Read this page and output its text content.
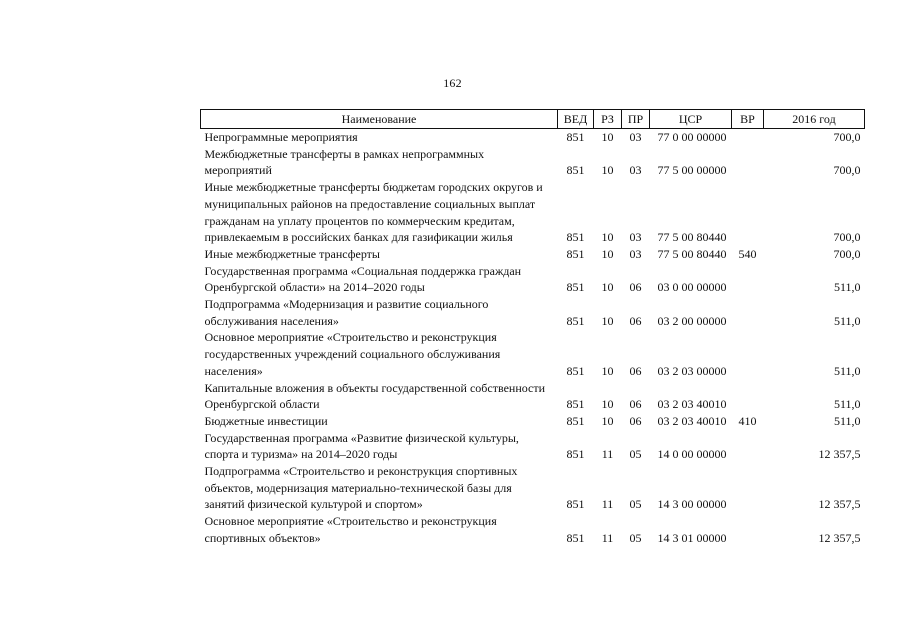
162
Наименование	ВЕД	РЗ	ПР	ЦСР	ВР	2016 год
Непрограммные мероприятия	851	10	03	77 0 00 00000		700,0
Межбюджетные трансферты в рамках непрограммных мероприятий	851	10	03	77 5 00 00000		700,0
Иные межбюджетные трансферты бюджетам городских округов и муниципальных районов на предоставление социальных выплат гражданам на уплату процентов по коммерческим кредитам, привлекаемым в российских банках для газификации жилья	851	10	03	77 5 00 80440		700,0
Иные межбюджетные трансферты	851	10	03	77 5 00 80440	540	700,0
Государственная программа «Социальная поддержка граждан Оренбургской области» на 2014–2020 годы	851	10	06	03 0 00 00000		511,0
Подпрограмма «Модернизация и развитие социального обслуживания населения»	851	10	06	03 2 00 00000		511,0
Основное мероприятие «Строительство и реконструкция государственных учреждений социального обслуживания населения»	851	10	06	03 2 03 00000		511,0
Капитальные вложения в объекты государственной собственности Оренбургской области	851	10	06	03 2 03 40010		511,0
Бюджетные инвестиции	851	10	06	03 2 03 40010	410	511,0
Государственная программа «Развитие физической культуры, спорта и туризма» на 2014–2020 годы	851	11	05	14 0 00 00000		12 357,5
Подпрограмма «Строительство и реконструкция спортивных объектов, модернизация материально-технической базы для занятий физической культурой и спортом»	851	11	05	14 3 00 00000		12 357,5
Основное мероприятие «Строительство и реконструкция спортивных объектов»	851	11	05	14 3 01 00000		12 357,5
